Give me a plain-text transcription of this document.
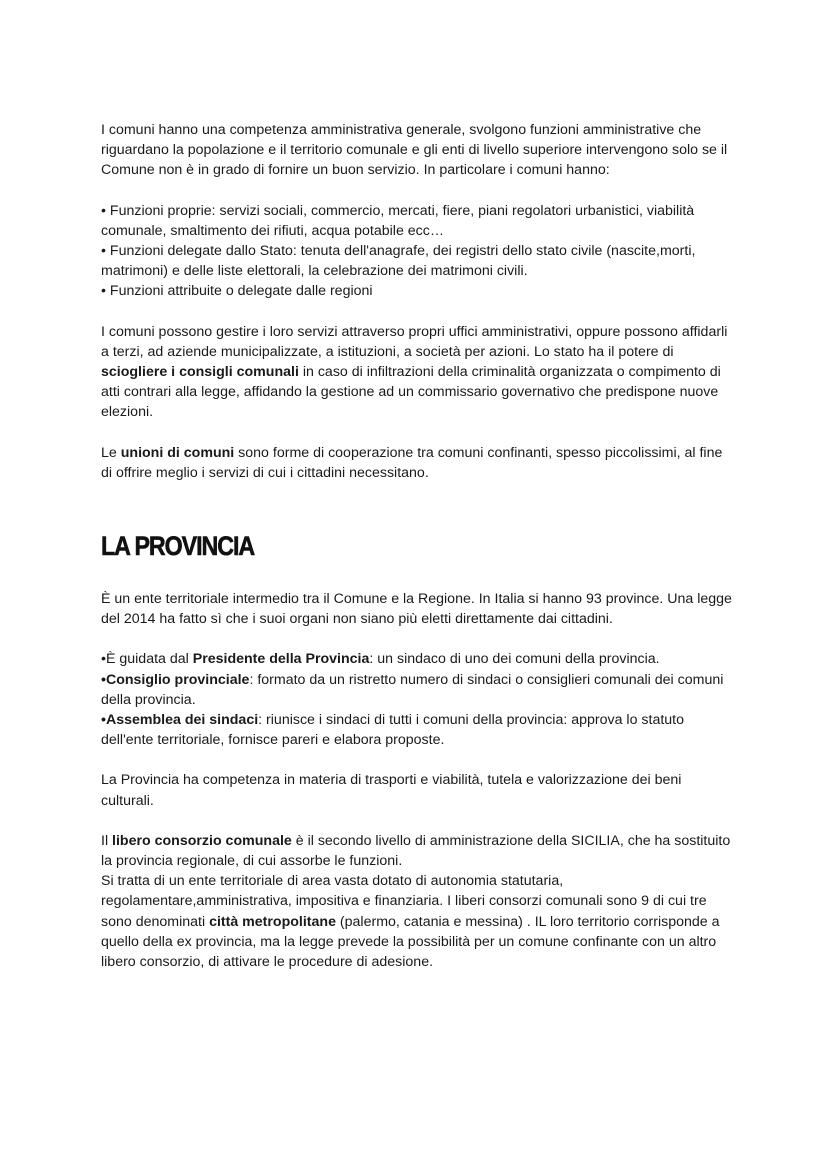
I comuni hanno una competenza amministrativa generale, svolgono funzioni amministrative che riguardano la popolazione e il territorio comunale e gli enti di livello superiore intervengono solo se il Comune non è in grado di fornire un buon servizio. In particolare i comuni hanno:

• Funzioni proprie: servizi sociali, commercio, mercati, fiere, piani regolatori urbanistici, viabilità comunale, smaltimento dei rifiuti, acqua potabile ecc…

• Funzioni delegate dallo Stato: tenuta dell'anagrafe, dei registri dello stato civile (nascite,morti, matrimoni) e delle liste elettorali, la celebrazione dei matrimoni civili.

• Funzioni attribuite o delegate dalle regioni

I comuni possono gestire i loro servizi attraverso propri uffici amministrativi, oppure possono affidarli a terzi, ad aziende municipalizzate, a istituzioni, a società per azioni. Lo stato ha il potere di sciogliere i consigli comunali in caso di infiltrazioni della criminalità organizzata o compimento di atti contrari alla legge, affidando la gestione ad un commissario governativo che predispone nuove elezioni.

Le unioni di comuni sono forme di cooperazione tra comuni confinanti, spesso piccolissimi, al fine di offrire meglio i servizi di cui i cittadini necessitano.

LA PROVINCIA

È un ente territoriale intermedio tra il Comune e la Regione. In Italia si hanno 93 province. Una legge del 2014 ha fatto sì che i suoi organi non siano più eletti direttamente dai cittadini.

•È guidata dal Presidente della Provincia: un sindaco di uno dei comuni della provincia.

•Consiglio provinciale: formato da un ristretto numero di sindaci o consiglieri comunali dei comuni della provincia.

•Assemblea dei sindaci: riunisce i sindaci di tutti i comuni della provincia: approva lo statuto dell'ente territoriale, fornisce pareri e elabora proposte.

La Provincia ha competenza in materia di trasporti e viabilità, tutela e valorizzazione dei beni culturali.

Il libero consorzio comunale è il secondo livello di amministrazione della SICILIA, che ha sostituito la provincia regionale, di cui assorbe le funzioni.

Si tratta di un ente territoriale di area vasta dotato di autonomia statutaria, regolamentare,amministrativa, impositiva e finanziaria. I liberi consorzi comunali sono 9 di cui tre sono denominati città metropolitane (palermo, catania e messina) . IL loro territorio corrisponde a quello della ex provincia, ma la legge prevede la possibilità per un comune confinante con un altro libero consorzio, di attivare le procedure di adesione.
